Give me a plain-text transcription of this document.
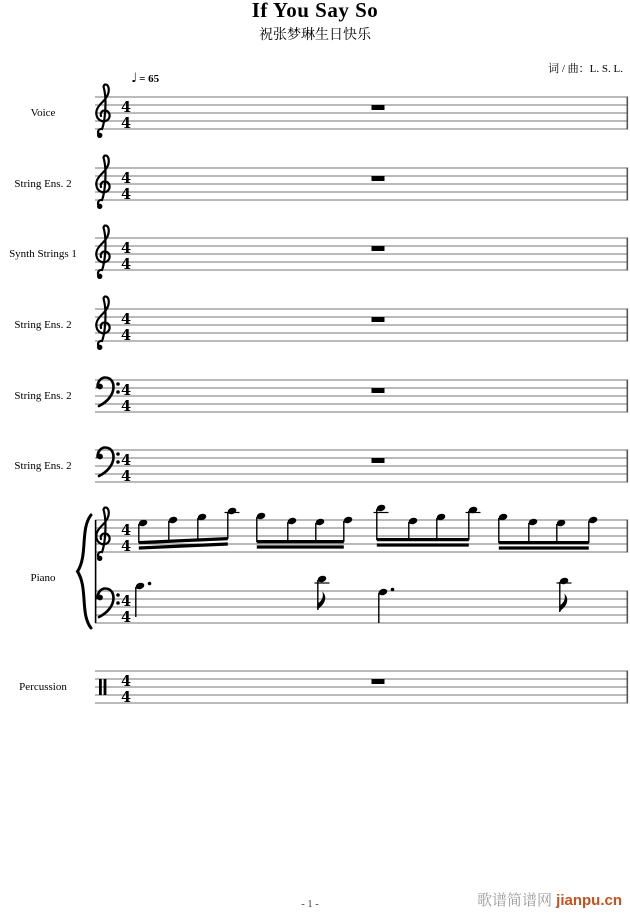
If You Say So
祝张梦琳生日快乐
词 / 曲：L. S. L.
♩ = 65
Voice
String Ens. 2
Synth Strings 1
String Ens. 2
String Ens. 2
String Ens. 2
Piano
Percussion
4
4
4
4
4
4
4
4
4
4
4
4
4
4
4
4
4
4
- 1 -	歌谱简谱网 jianpu.cn
